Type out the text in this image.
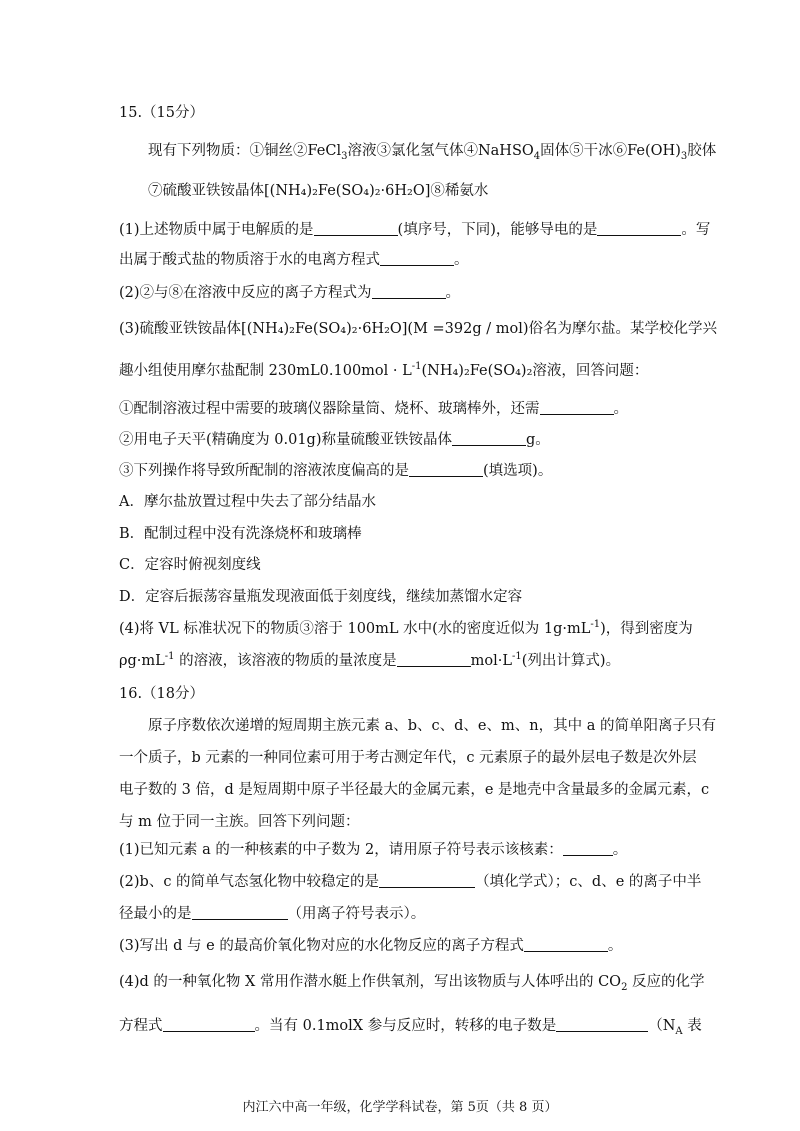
15.（15分）
现有下列物质：①铜丝②FeCl$_3$溶液③氯化氢气体④NaHSO$_4$固体⑤干冰$⑥Fe(OH)_3$胶体
⑦硫酸亚铁铵晶体[(NH₄)₂Fe(SO₄)₂·6H₂O]⑧稀氨水
(1)上述物质中属于电解质的是	(填序号，下同)，能够导电的是	。写
出属于酸式盐的物质溶于水的电离方程式	。
(2)②与⑧在溶液中反应的离子方程式为	。
(3)硫酸亚铁铵晶体[(NH₄)₂Fe(SO₄)₂·6H₂O](M =392g / mol)俗名为摩尔盐。某学校化学兴
趣小组使用摩尔盐配制 $230mL0.100mol \cdot L^{-1}(NH_4)_2Fe(SO_4)_2$溶液，回答问题：
①配制溶液过程中需要的玻璃仪器除量筒、烧杯、玻璃棒外，还需	。
②用电子天平(精确度为 0.01g)称量硫酸亚铁铵晶体	g。
③下列操作将导致所配制的溶液浓度偏高的是	(填选项)。
A．摩尔盐放置过程中失去了部分结晶水
B．配制过程中没有洗涤烧杯和玻璃棒
C．定容时俯视刻度线
D．定容后振荡容量瓶发现液面低于刻度线，继续加蒸馏水定容
(4)将 VL 标准状况下的物质③溶于 100mL 水中(水的密度近似为 $1g\cdot mL^{-1}$)，得到密度为
$\rho g\cdot mL^{-1}$ 的溶液，该溶液的物质的量浓度是	$mol\cdot L^{-1}$(列出计算式)。
16.（18分）
原子序数依次递增的短周期主族元素 a、b、c、d、e、m、n，其中 a 的简单阳离子只有
一个质子，b 元素的一种同位素可用于考古测定年代，c 元素原子的最外层电子数是次外层
电子数的 3 倍，d 是短周期中原子半径最大的金属元素，e 是地壳中含量最多的金属元素，c
与 m 位于同一主族。回答下列问题：
(1)已知元素 a 的一种核素的中子数为 2，请用原子符号表示该核素：	。
(2)b、c 的简单气态氢化物中较稳定的是	（填化学式）；c、d、e 的离子中半
径最小的是	（用离子符号表示）。
(3)写出 d 与 e 的最高价氧化物对应的水化物反应的离子方程式	。
(4)d 的一种氧化物 X 常用作潜水艇上作供氧剂，写出该物质与人体呼出的 $CO_2$ 反应的化学
方程式	。当有 0.1molX 参与反应时，转移的电子数是	（$N_A$ 表
内江六中高一年级，化学学科试卷，第 5页（共 8 页）
